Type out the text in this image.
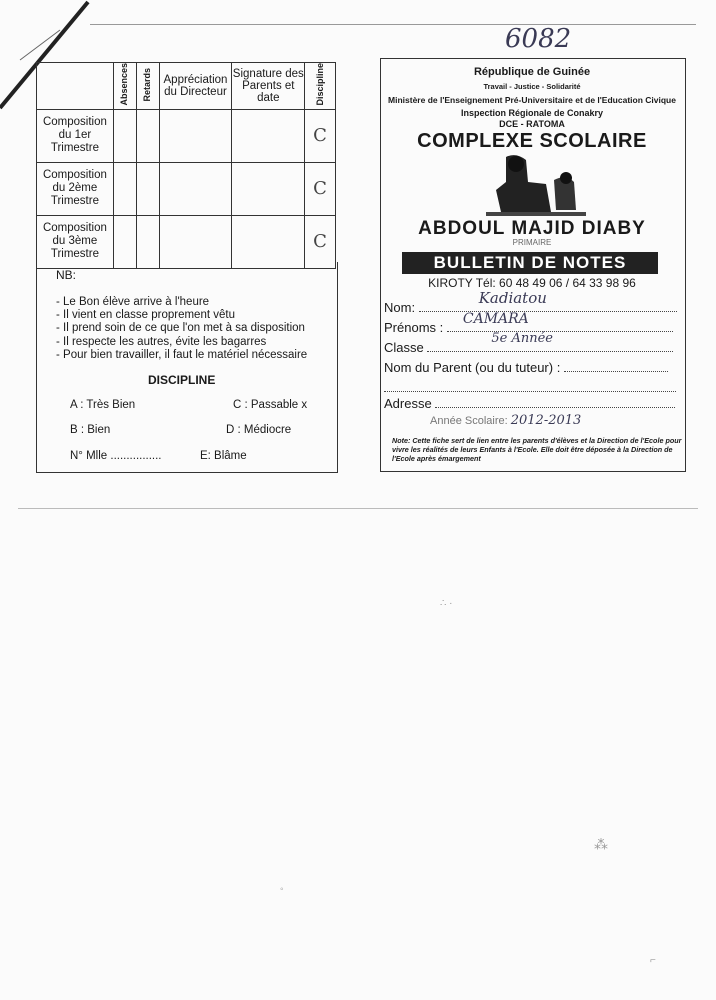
6082
	Absences	Retards	Appréciation du Directeur	Signature des Parents et date	Discipline
Composition du 1er Trimestre					C
Composition du 2ème Trimestre					C
Composition du 3ème Trimestre					C
NB:
- Le Bon élève arrive à l'heure
- Il vient en classe proprement vêtu
- Il prend soin de ce que l'on met à sa disposition
- Il respecte les autres, évite les bagarres
- Pour bien travailler, il faut le matériel nécessaire
DISCIPLINE
A : Très Bien	C : Passable x
B : Bien	D : Médiocre
N° Mlle ................	E: Blâme
République de Guinée
Travail - Justice - Solidarité
Ministère de l'Enseignement Pré-Universitaire et de l'Education Civique
Inspection Régionale de Conakry
DCE - RATOMA
COMPLEXE SCOLAIRE
ABDOUL MAJID DIABY
PRIMAIRE
BULLETIN DE NOTES
KIROTY Tél: 60 48 49 06 / 64 33 98 96
Nom:
Kadiatou
Prénoms :
CAMARA
Classe
5e Année
Nom du Parent (ou du tuteur) :
Adresse
Année Scolaire: 2012-2013
Note: Cette fiche sert de lien entre les parents d'élèves et la Direction de l'Ecole pour vivre les réalités de leurs Enfants à l'Ecole. Elle doit être déposée à la Direction de l'Ecole après émargement
∴ ·
⁂
◦
⌐
